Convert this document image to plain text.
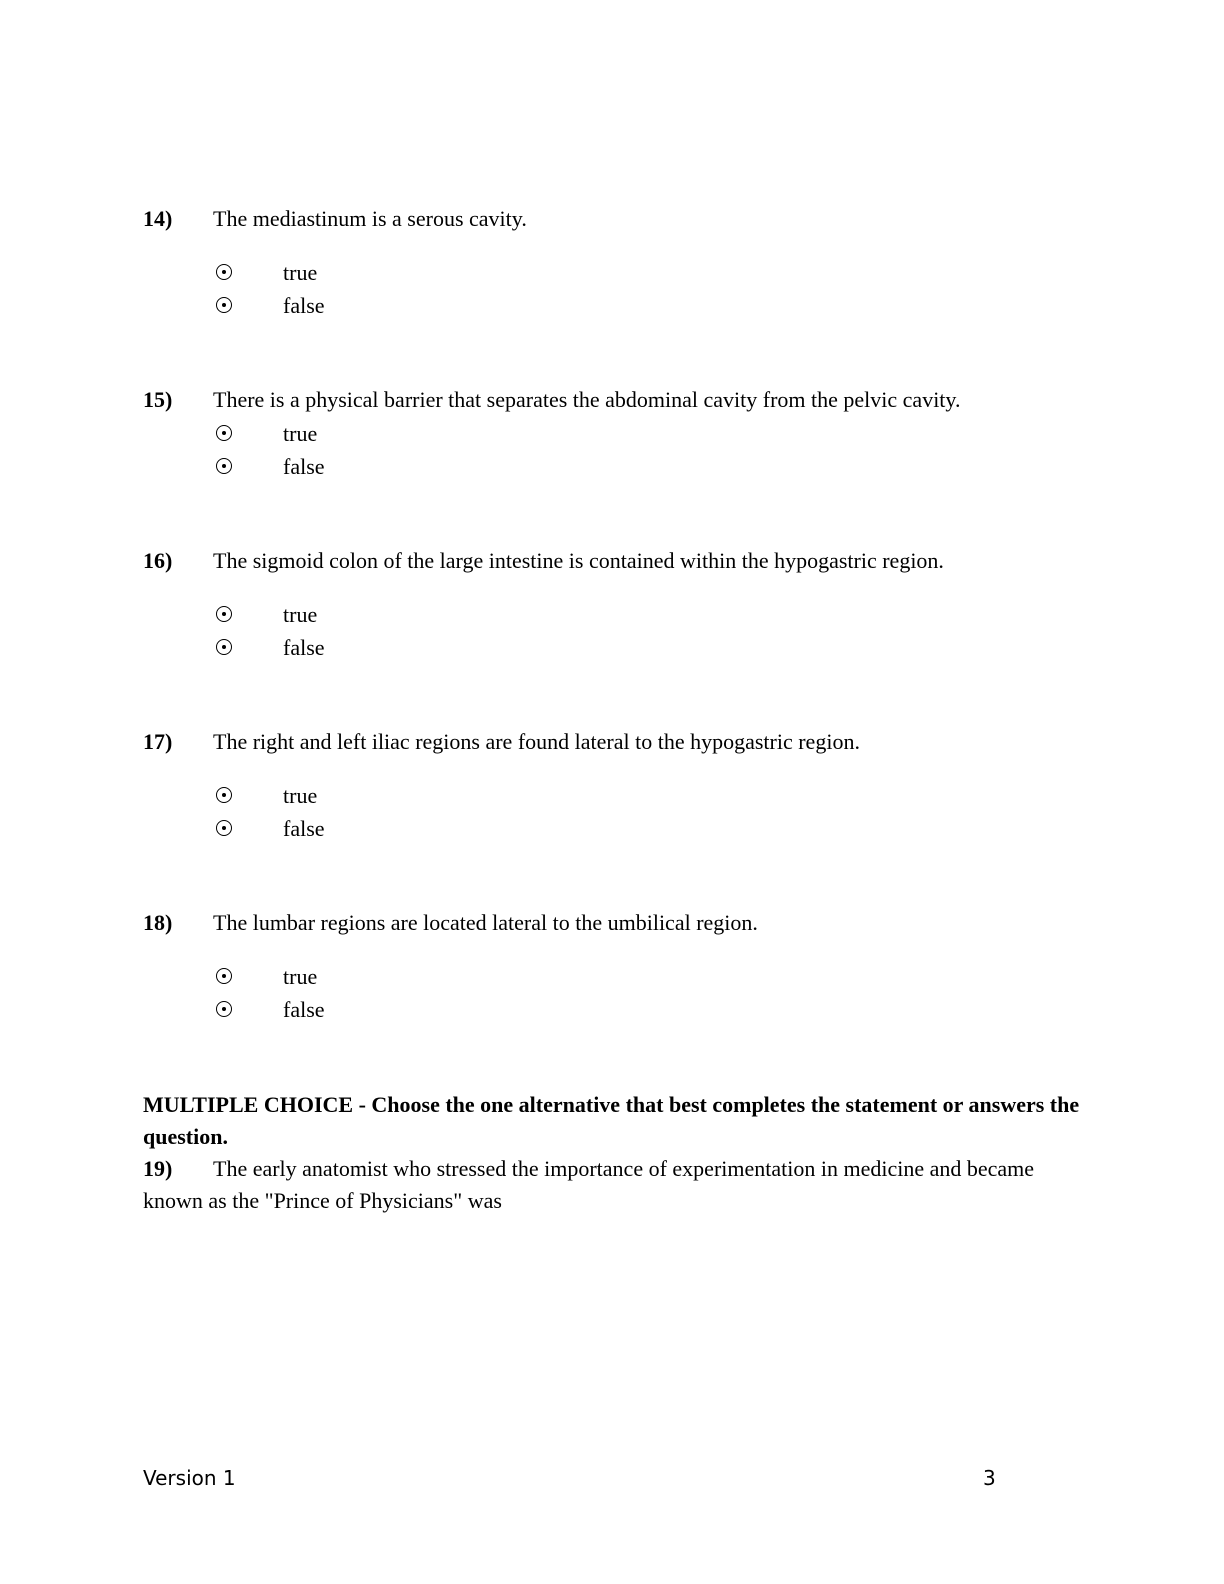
14) The mediastinum is a serous cavity.
true
false
15) There is a physical barrier that separates the abdominal cavity from the pelvic cavity.
true
false
16) The sigmoid colon of the large intestine is contained within the hypogastric region.
true
false
17) The right and left iliac regions are found lateral to the hypogastric region.
true
false
18) The lumbar regions are located lateral to the umbilical region.
true
false
MULTIPLE CHOICE - Choose the one alternative that best completes the statement or answers the question.
19) The early anatomist who stressed the importance of experimentation in medicine and became known as the "Prince of Physicians" was
Version 1	3
